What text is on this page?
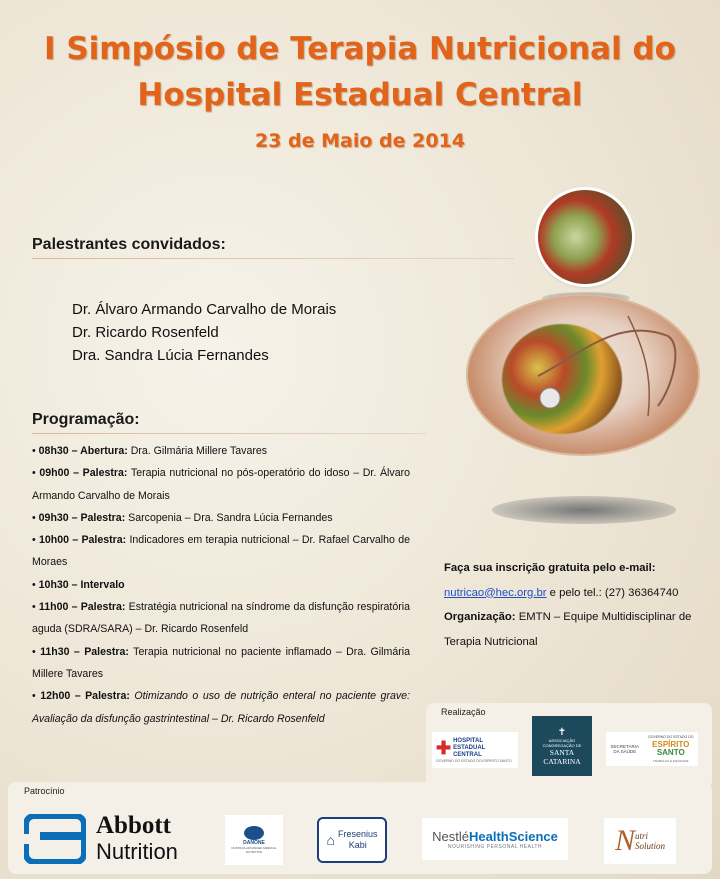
I Simpósio de Terapia Nutricional do
Hospital Estadual Central
23 de Maio de 2014
Palestrantes convidados:
Dr. Álvaro Armando Carvalho de Morais
Dr. Ricardo Rosenfeld
Dra. Sandra Lúcia Fernandes
Programação:
• 08h30 – Abertura: Dra. Gilmária Millere Tavares
• 09h00 – Palestra: Terapia nutricional no pós-operatório do idoso – Dr. Álvaro Armando Carvalho de Morais
• 09h30 – Palestra: Sarcopenia – Dra. Sandra Lúcia Fernandes
• 10h00 – Palestra: Indicadores em terapia nutricional – Dr. Rafael Carvalho de Moraes
• 10h30 – Intervalo
• 11h00 – Palestra: Estratégia nutricional na síndrome da disfunção respiratória aguda (SDRA/SARA) – Dr. Ricardo Rosenfeld
• 11h30 – Palestra: Terapia nutricional no paciente inflamado – Dra. Gilmária Millere Tavares
• 12h00 – Palestra: Otimizando o uso de nutrição enteral no paciente grave: Avaliação da disfunção gastrintestinal – Dr. Ricardo Rosenfeld
Faça sua inscrição gratuita pelo e-mail:
nutricao@hec.org.br e pelo tel.: (27) 36364740
Organização: EMTN – Equipe Multidisciplinar de Terapia Nutricional
Realização
✚ HOSPITAL ESTADUAL CENTRAL
GOVERNO DO ESTADO DO ESPÍRITO SANTO
✝
ASSOCIAÇÃO
CONGREGAÇÃO DE
SANTA
CATARINA
SECRETARIA
DA SAÚDE
GOVERNO DO ESTADO DO
ESPÍRITO
SANTO
TRABALHO E EQUIDADE
Patrocínio
Abbott
Nutrition	DANONE
NUTRICIA ADVANCED MEDICAL NUTRITION
⌂ Fresenius
Kabi
NestléHealthScience
NOURISHING PERSONAL HEALTH N utri
Solution
